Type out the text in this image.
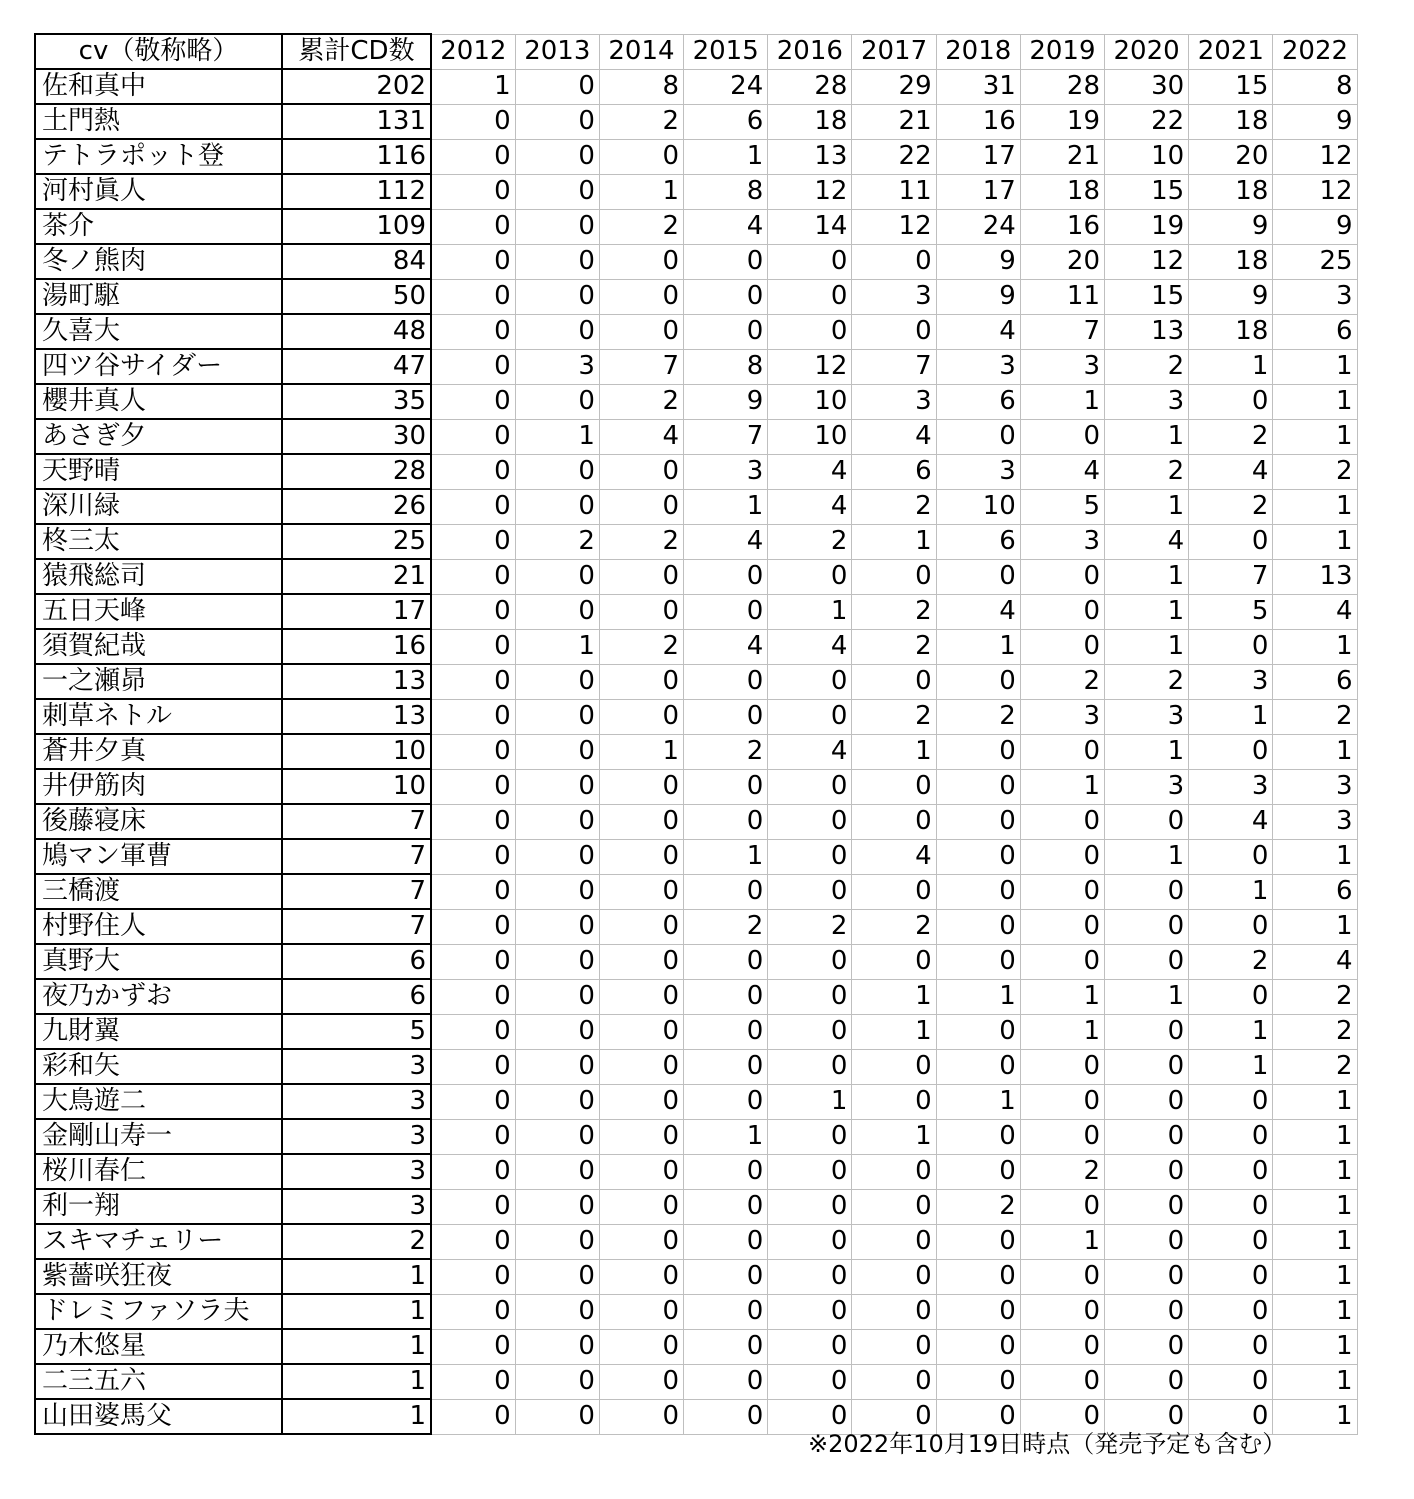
cv（敬称略）	累計CD数	2012	2013	2014	2015	2016	2017	2018	2019	2020	2021	2022
佐和真中	202	1	0	8	24	28	29	31	28	30	15	8
土門熱	131	0	0	2	6	18	21	16	19	22	18	9
テトラポット登	116	0	0	0	1	13	22	17	21	10	20	12
河村眞人	112	0	0	1	8	12	11	17	18	15	18	12
茶介	109	0	0	2	4	14	12	24	16	19	9	9
冬ノ熊肉	84	0	0	0	0	0	0	9	20	12	18	25
湯町駆	50	0	0	0	0	0	3	9	11	15	9	3
久喜大	48	0	0	0	0	0	0	4	7	13	18	6
四ツ谷サイダー	47	0	3	7	8	12	7	3	3	2	1	1
櫻井真人	35	0	0	2	9	10	3	6	1	3	0	1
あさぎ夕	30	0	1	4	7	10	4	0	0	1	2	1
天野晴	28	0	0	0	3	4	6	3	4	2	4	2
深川緑	26	0	0	0	1	4	2	10	5	1	2	1
柊三太	25	0	2	2	4	2	1	6	3	4	0	1
猿飛総司	21	0	0	0	0	0	0	0	0	1	7	13
五日天峰	17	0	0	0	0	1	2	4	0	1	5	4
須賀紀哉	16	0	1	2	4	4	2	1	0	1	0	1
一之瀬昴	13	0	0	0	0	0	0	0	2	2	3	6
刺草ネトル	13	0	0	0	0	0	2	2	3	3	1	2
蒼井夕真	10	0	0	1	2	4	1	0	0	1	0	1
井伊筋肉	10	0	0	0	0	0	0	0	1	3	3	3
後藤寝床	7	0	0	0	0	0	0	0	0	0	4	3
鳩マン軍曹	7	0	0	0	1	0	4	0	0	1	0	1
三橋渡	7	0	0	0	0	0	0	0	0	0	1	6
村野住人	7	0	0	0	2	2	2	0	0	0	0	1
真野大	6	0	0	0	0	0	0	0	0	0	2	4
夜乃かずお	6	0	0	0	0	0	1	1	1	1	0	2
九財翼	5	0	0	0	0	0	1	0	1	0	1	2
彩和矢	3	0	0	0	0	0	0	0	0	0	1	2
大鳥遊二	3	0	0	0	0	1	0	1	0	0	0	1
金剛山寿一	3	0	0	0	1	0	1	0	0	0	0	1
桜川春仁	3	0	0	0	0	0	0	0	2	0	0	1
利一翔	3	0	0	0	0	0	0	2	0	0	0	1
スキマチェリー	2	0	0	0	0	0	0	0	1	0	0	1
紫薔咲狂夜	1	0	0	0	0	0	0	0	0	0	0	1
ドレミファソラ夫	1	0	0	0	0	0	0	0	0	0	0	1
乃木悠星	1	0	0	0	0	0	0	0	0	0	0	1
二三五六	1	0	0	0	0	0	0	0	0	0	0	1
山田婆馬父	1	0	0	0	0	0	0	0	0	0	0	1
※2022年10月19日時点（発売予定も含む）
